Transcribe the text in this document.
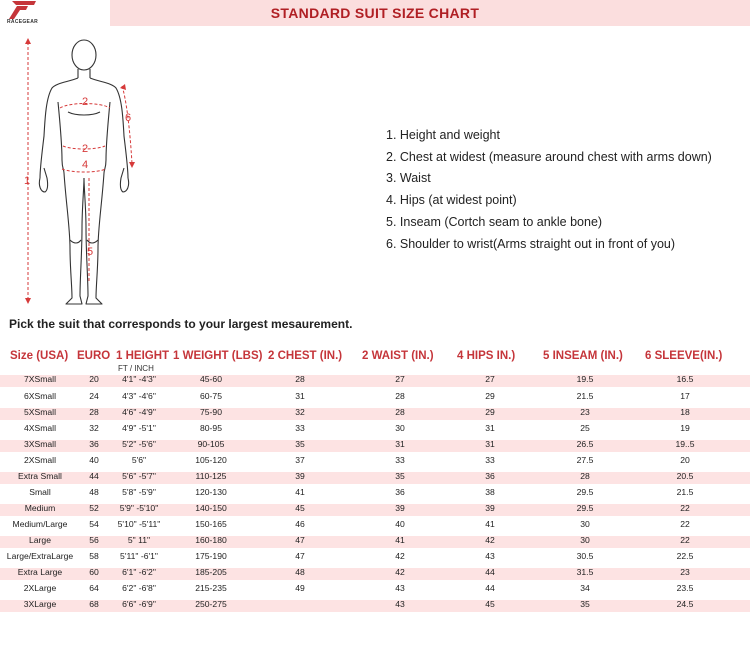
STANDARD SUIT SIZE CHART
RACEGEAR
1
2
2
4
5
6
1. Height and weight
2. Chest at widest (measure around chest with arms down)
3. Waist
4. Hips (at widest point)
5. Inseam (Cortch seam to ankle bone)
6. Shoulder to wrist(Arms straight out in front of you)
Pick the suit that corresponds to your largest mesaurement.
Size (USA) EURO 1 HEIGHT
FT / INCH
1 WEIGHT (LBS) 2 CHEST (IN.) 2 WAIST (IN.) 4 HIPS IN.) 5 INSEAM (IN.) 6 SLEEVE(IN.)
7XSmall	20	4'1" -4'3"	45-60	28	27	27	19.5	16.5
6XSmall	24	4'3" -4'6"	60-75	31	28	29	21.5	17
5XSmall	28	4'6" -4'9"	75-90	32	28	29	23	18
4XSmall	32	4'9" -5'1"	80-95	33	30	31	25	19
3XSmall	36	5'2" -5'6"	90-105	35	31	31	26.5	19..5
2XSmall	40	5'6"	105-120	37	33	33	27.5	20
Extra Small	44	5'6" -5'7"	110-125	39	35	36	28	20.5
Small	48	5'8" -5'9"	120-130	41	36	38	29.5	21.5
Medium	52	5'9" -5'10"	140-150	45	39	39	29.5	22
Medium/Large	54	5'10" -5'11"	150-165	46	40	41	30	22
Large	56	5" 11"	160-180	47	41	42	30	22
Large/ExtraLarge	58	5'11" -6'1"	175-190	47	42	43	30.5	22.5
Extra Large	60	6'1" -6'2"	185-205	48	42	44	31.5	23
2XLarge	64	6'2" -6'8"	215-235	49	43	44	34	23.5
3XLarge	68	6'6" -6'9"	250-275	43	45	35	24.5
